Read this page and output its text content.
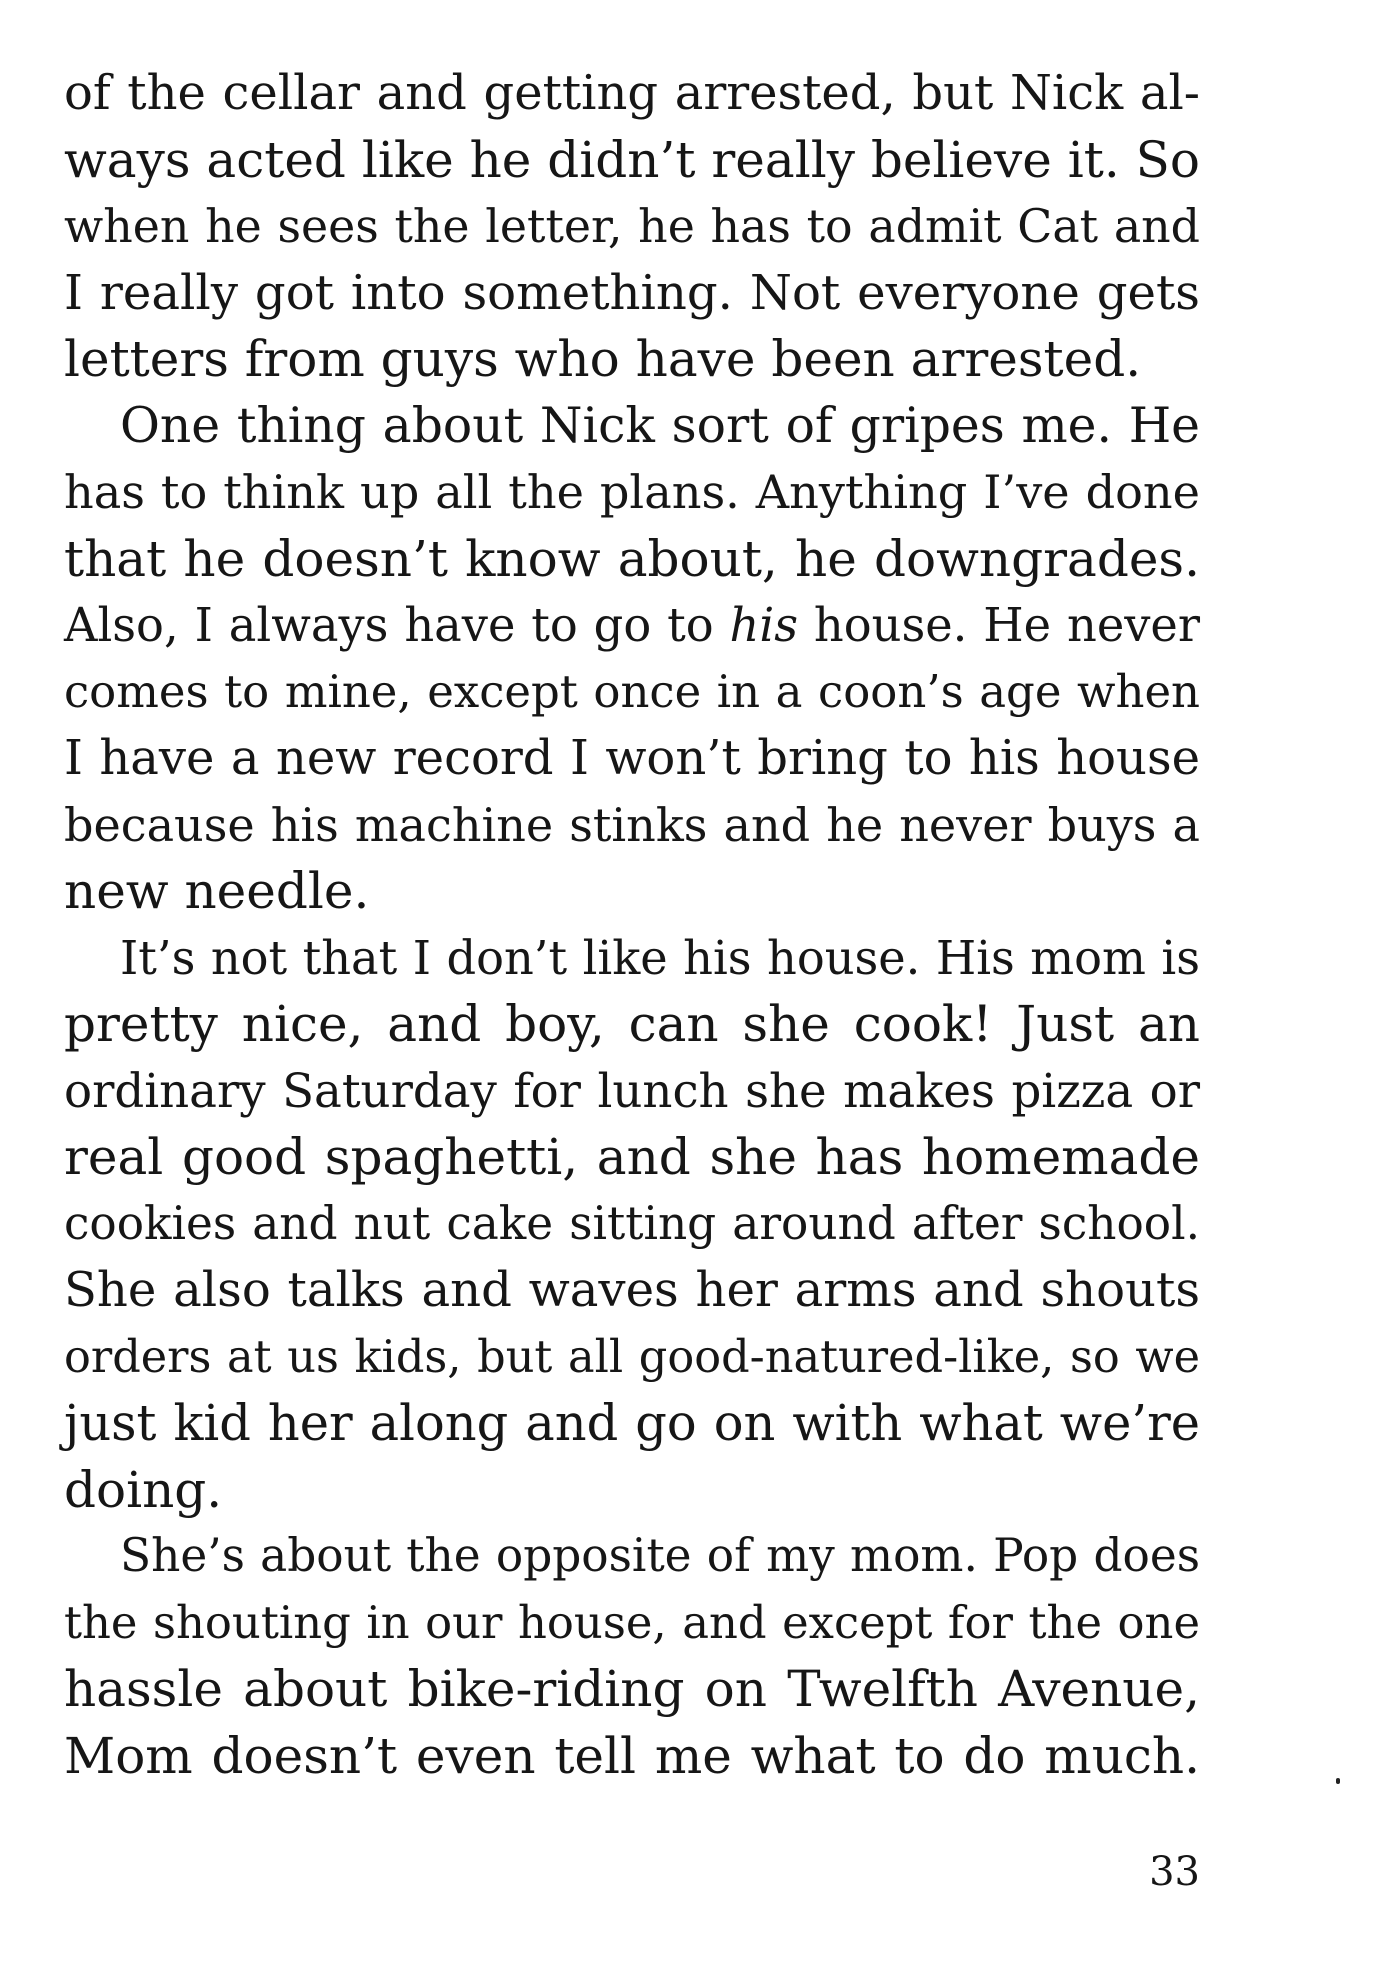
of the cellar and getting arrested, but Nick al-
ways acted like he didn’t really believe it. So
when he sees the letter, he has to admit Cat and
I really got into something. Not everyone gets
letters from guys who have been arrested.
One thing about Nick sort of gripes me. He
has to think up all the plans. Anything I’ve done
that he doesn’t know about, he downgrades.
Also, I always have to go to his house. He never
comes to mine, except once in a coon’s age when
I have a new record I won’t bring to his house
because his machine stinks and he never buys a
new needle.
It’s not that I don’t like his house. His mom is
pretty nice, and boy, can she cook! Just an
ordinary Saturday for lunch she makes pizza or
real good spaghetti, and she has homemade
cookies and nut cake sitting around after school.
She also talks and waves her arms and shouts
orders at us kids, but all good-natured-like, so we
just kid her along and go on with what we’re
doing.
She’s about the opposite of my mom. Pop does
the shouting in our house, and except for the one
hassle about bike-riding on Twelfth Avenue,
Mom doesn’t even tell me what to do much.
33
